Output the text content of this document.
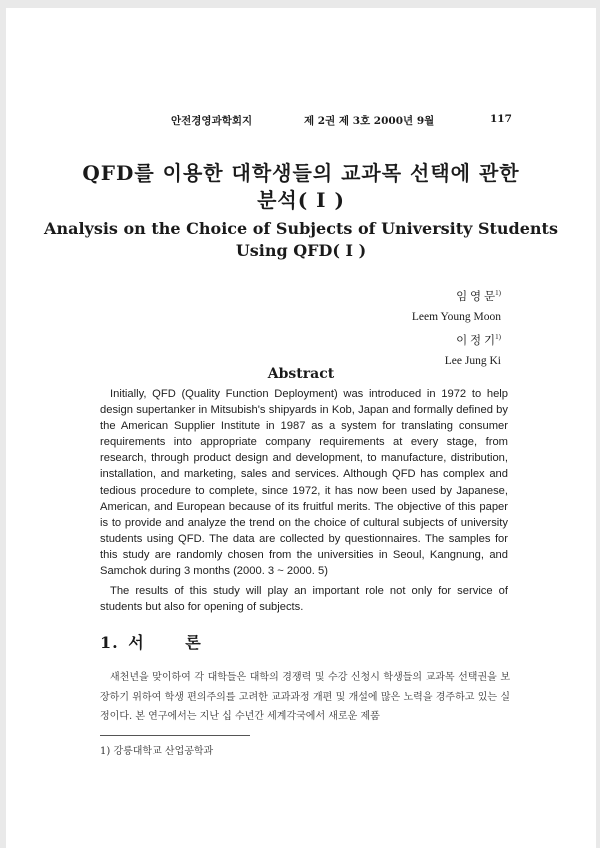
안전경영과학회지	제 2권 제 3호 2000년 9월	117
QFD를 이용한 대학생들의 교과목 선택에 관한
분석( I )
Analysis on the Choice of Subjects of University Students
Using QFD( I )
임 영 문$^{1)}$
Leem Young Moon
이 정 기$^{1)}$
Lee Jung Ki
Abstract

Initially, QFD (Quality Function Deployment) was introduced in 1972 to help design supertanker in Mitsubish's shipyards in Kob, Japan and formally defined by the American Supplier Institute in 1987 as a system for translating consumer requirements into appropriate company requirements at every stage, from research, through product design and development, to manufacture, distribution, installation, and marketing, sales and services. Although QFD has complex and tedious procedure to complete, since 1972, it has now been used by Japanese, American, and European because of its fruitful merits. The objective of this paper is to provide and analyze the trend on the choice of cultural subjects of university students using QFD. The data are collected by questionnaires. The samples for this study are randomly chosen from the universities in Seoul, Kangnung, and Samchok during 3 months (2000. 3 ~ 2000. 5)

The results of this study will play an important role not only for service of students but also for opening of subjects.

1. 서 론

새천년을 맞이하여 각 대학들은 대학의 경쟁력 및 수강 신청시 학생들의 교과목 선택권을 보장하기 위하여 학생 편의주의를 고려한 교과과정 개편 및 개설에 많은 노력을 경주하고 있는 실정이다. 본 연구에서는 지난 십 수년간 세계각국에서 새로운 제품

1) 강릉대학교 산업공학과
